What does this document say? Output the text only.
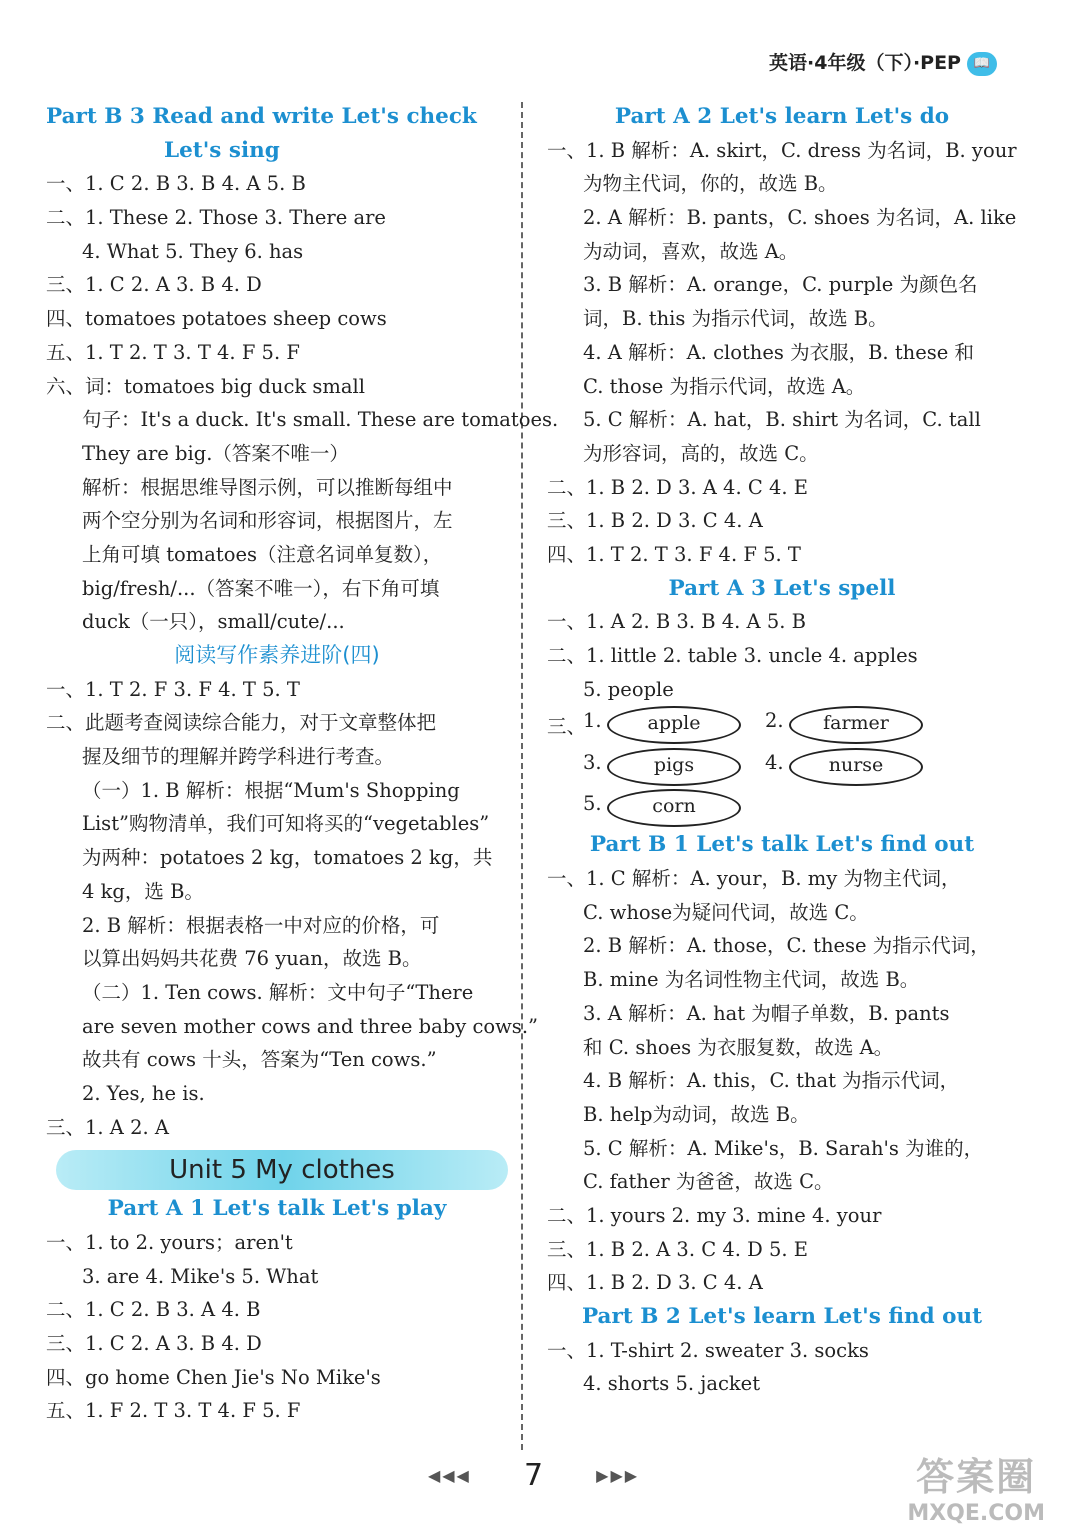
英语·4年级（下）·PEP 📖
Part B 3 Read and write Let's check
Let's sing
一、1. C 2. B 3. B 4. A 5. B
二、1. These 2. Those 3. There are
4. What 5. They 6. has
三、1. C 2. A 3. B 4. D
四、tomatoes potatoes sheep cows
五、1. T 2. T 3. T 4. F 5. F
六、词：tomatoes big duck small
句子：It's a duck. It's small. These are tomatoes.
They are big.（答案不唯一）
解析：根据思维导图示例，可以推断每组中
两个空分别为名词和形容词，根据图片，左
上角可填 tomatoes（注意名词单复数），
big/fresh/...（答案不唯一），右下角可填
duck（一只），small/cute/...
阅读写作素养进阶(四)
一、1. T 2. F 3. F 4. T 5. T
二、此题考查阅读综合能力，对于文章整体把
握及细节的理解并跨学科进行考查。
（一）1. B 解析：根据“Mum's Shopping
List”购物清单，我们可知将买的“vegetables”
为两种：potatoes 2 kg，tomatoes 2 kg，共
4 kg，选 B。
2. B 解析：根据表格一中对应的价格，可
以算出妈妈共花费 76 yuan，故选 B。
（二）1. Ten cows. 解析：文中句子“There
are seven mother cows and three baby cows.”
故共有 cows 十头，答案为“Ten cows.”
2. Yes, he is.
三、1. A 2. A
Unit 5 My clothes
Part A 1 Let's talk Let's play
一、1. to 2. yours；aren't
3. are 4. Mike's 5. What
二、1. C 2. B 3. A 4. B
三、1. C 2. A 3. B 4. D
四、go home Chen Jie's No Mike's
五、1. F 2. T 3. T 4. F 5. F
Part A 2 Let's learn Let's do
一、1. B 解析：A. skirt，C. dress 为名词，B. your
为物主代词，你的，故选 B。
2. A 解析：B. pants，C. shoes 为名词，A. like
为动词，喜欢，故选 A。
3. B 解析：A. orange，C. purple 为颜色名
词，B. this 为指示代词，故选 B。
4. A 解析：A. clothes 为衣服，B. these 和
C. those 为指示代词，故选 A。
5. C 解析：A. hat，B. shirt 为名词，C. tall
为形容词，高的，故选 C。
二、1. B 2. D 3. A 4. C 4. E
三、1. B 2. D 3. C 4. A
四、1. T 2. T 3. F 4. F 5. T
Part A 3 Let's spell
一、1. A 2. B 3. B 4. A 5. B
二、1. little 2. table 3. uncle 4. apples
5. people
三、
1.	apple	2.	farmer
3.	pigs	4.	nurse
5.	corn
Part B 1 Let's talk Let's find out
一、1. C 解析：A. your，B. my 为物主代词，
C. whose为疑问代词，故选 C。
2. B 解析：A. those，C. these 为指示代词，
B. mine 为名词性物主代词，故选 B。
3. A 解析：A. hat 为帽子单数，B. pants
和 C. shoes 为衣服复数，故选 A。
4. B 解析：A. this，C. that 为指示代词，
B. help为动词，故选 B。
5. C 解析：A. Mike's，B. Sarah's 为谁的，
C. father 为爸爸，故选 C。
二、1. yours 2. my 3. mine 4. your
三、1. B 2. A 3. C 4. D 5. E
四、1. B 2. D 3. C 4. A
Part B 2 Let's learn Let's find out
一、1. T-shirt 2. sweater 3. socks
4. shorts 5. jacket
◀◀◀ 7	▶▶▶	答案圈
MXQE.COM
